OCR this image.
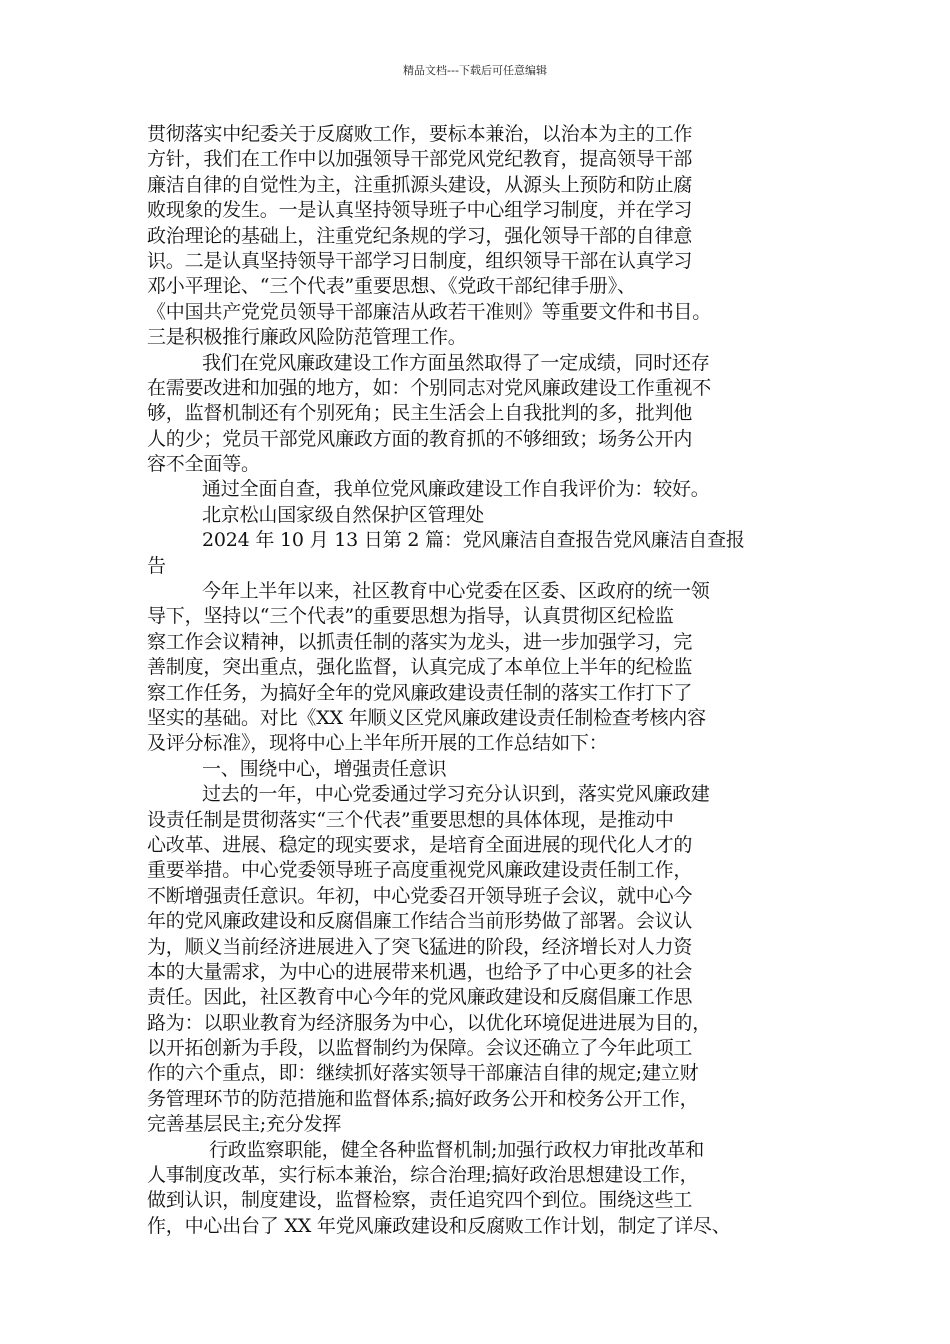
精品文档---下载后可任意编辑
贯彻落实中纪委关于反腐败工作，要标本兼治，以治本为主的工作
方针，我们在工作中以加强领导干部党风党纪教育，提高领导干部
廉洁自律的自觉性为主，注重抓源头建设，从源头上预防和防止腐
败现象的发生。一是认真坚持领导班子中心组学习制度，并在学习
政治理论的基础上，注重党纪条规的学习，强化领导干部的自律意
识。二是认真坚持领导干部学习日制度，组织领导干部在认真学习
邓小平理论、“三个代表”重要思想、《党政干部纪律手册》、
《中国共产党党员领导干部廉洁从政若干准则》等重要文件和书目。
三是积极推行廉政风险防范管理工作。
我们在党风廉政建设工作方面虽然取得了一定成绩，同时还存
在需要改进和加强的地方，如：个别同志对党风廉政建设工作重视不
够，监督机制还有个别死角；民主生活会上自我批判的多，批判他
人的少；党员干部党风廉政方面的教育抓的不够细致；场务公开内
容不全面等。
通过全面自查，我单位党风廉政建设工作自我评价为：较好。
北京松山国家级自然保护区管理处
2024 年 10 月 13 日第 2 篇：党风廉洁自查报告党风廉洁自查报
告
今年上半年以来，社区教育中心党委在区委、区政府的统一领
导下，坚持以“三个代表”的重要思想为指导，认真贯彻区纪检监
察工作会议精神，以抓责任制的落实为龙头，进一步加强学习，完
善制度，突出重点，强化监督，认真完成了本单位上半年的纪检监
察工作任务，为搞好全年的党风廉政建设责任制的落实工作打下了
坚实的基础。对比《XX 年顺义区党风廉政建设责任制检查考核内容
及评分标准》，现将中心上半年所开展的工作总结如下：
一、围绕中心，增强责任意识
过去的一年，中心党委通过学习充分认识到，落实党风廉政建
设责任制是贯彻落实“三个代表”重要思想的具体体现，是推动中
心改革、进展、稳定的现实要求，是培育全面进展的现代化人才的
重要举措。中心党委领导班子高度重视党风廉政建设责任制工作，
不断增强责任意识。年初，中心党委召开领导班子会议，就中心今
年的党风廉政建设和反腐倡廉工作结合当前形势做了部署。会议认
为，顺义当前经济进展进入了突飞猛进的阶段，经济增长对人力资
本的大量需求，为中心的进展带来机遇，也给予了中心更多的社会
责任。因此，社区教育中心今年的党风廉政建设和反腐倡廉工作思
路为：以职业教育为经济服务为中心，以优化环境促进进展为目的，
以开拓创新为手段，以监督制约为保障。会议还确立了今年此项工
作的六个重点，即：继续抓好落实领导干部廉洁自律的规定;建立财
务管理环节的防范措施和监督体系;搞好政务公开和校务公开工作，
完善基层民主;充分发挥
行政监察职能，健全各种监督机制;加强行政权力审批改革和
人事制度改革，实行标本兼治，综合治理;搞好政治思想建设工作，
做到认识，制度建设，监督检察，责任追究四个到位。围绕这些工
作，中心出台了 XX 年党风廉政建设和反腐败工作计划，制定了详尽、
